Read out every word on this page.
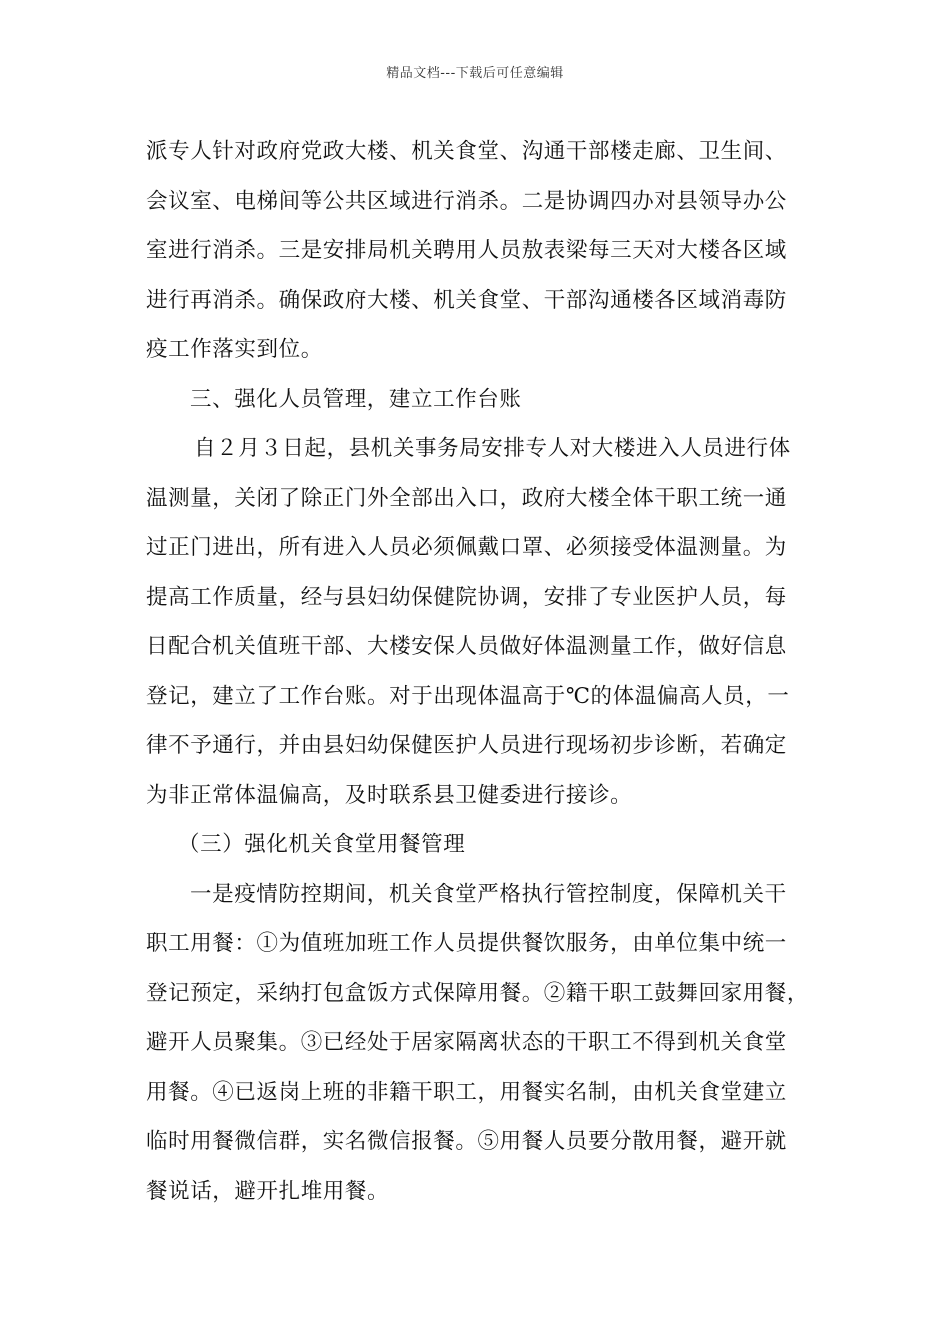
精品文档---下载后可任意编辑
派专人针对政府党政大楼、机关食堂、沟通干部楼走廊、卫生间、
会议室、电梯间等公共区域进行消杀。二是协调四办对县领导办公
室进行消杀。三是安排局机关聘用人员敖表梁每三天对大楼各区域
进行再消杀。确保政府大楼、机关食堂、干部沟通楼各区域消毒防
疫工作落实到位。
三、强化人员管理，建立工作台账
自２月３日起，县机关事务局安排专人对大楼进入人员进行体
温测量，关闭了除正门外全部出入口，政府大楼全体干职工统一通
过正门进出，所有进入人员必须佩戴口罩、必须接受体温测量。为
提高工作质量，经与县妇幼保健院协调，安排了专业医护人员，每
日配合机关值班干部、大楼安保人员做好体温测量工作，做好信息
登记，建立了工作台账。对于出现体温高于℃的体温偏高人员，一
律不予通行，并由县妇幼保健医护人员进行现场初步诊断，若确定
为非正常体温偏高，及时联系县卫健委进行接诊。
（三）强化机关食堂用餐管理
一是疫情防控期间，机关食堂严格执行管控制度，保障机关干
职工用餐：①为值班加班工作人员提供餐饮服务，由单位集中统一
登记预定，采纳打包盒饭方式保障用餐。②籍干职工鼓舞回家用餐，
避开人员聚集。③已经处于居家隔离状态的干职工不得到机关食堂
用餐。④已返岗上班的非籍干职工，用餐实名制，由机关食堂建立
临时用餐微信群，实名微信报餐。⑤用餐人员要分散用餐，避开就
餐说话，避开扎堆用餐。
